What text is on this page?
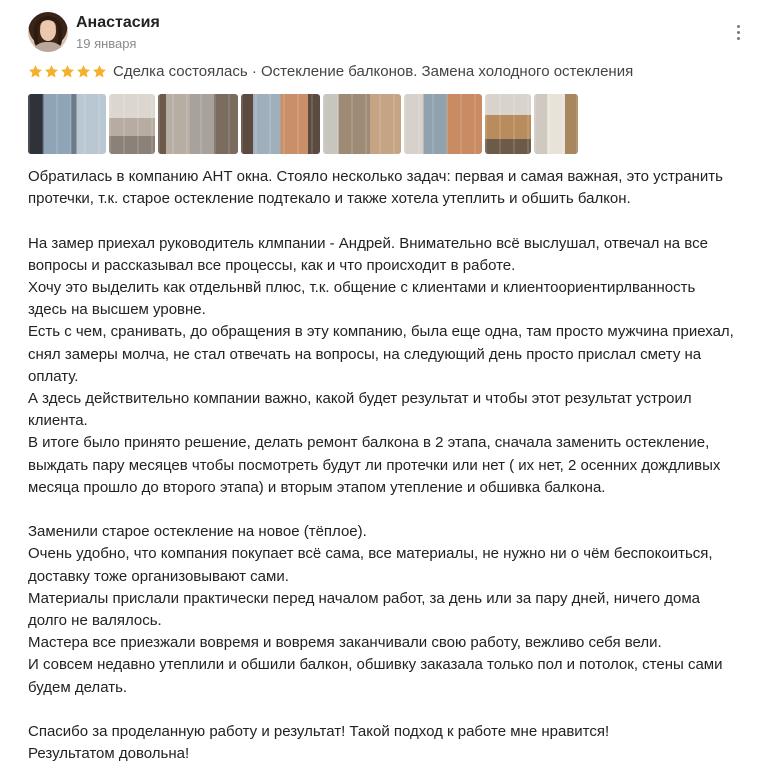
Анастасия
19 января
Сделка состоялась · Остекление балконов. Замена холодного остекления

Обратилась в компанию АНТ окна. Стояло несколько задач: первая и самая важная, это устранить

протечки, т.к. старое остекление подтекало и также хотела утеплить и обшить балкон.

На замер приехал руководитель клмпании - Андрей. Внимательно всё выслушал, отвечал на все

вопросы и рассказывал все процессы, как и что происходит в работе.

Хочу это выделить как отдельнвй плюс, т.к. общение с клиентами и клиентоориентирлванность

здесь на высшем уровне.

Есть с чем, сранивать, до обращения в эту компанию, была еще одна, там просто мужчина приехал,

снял замеры молча, не стал отвечать на вопросы, на следующий день просто прислал смету на

оплату.

А здесь действительно компании важно, какой будет результат и чтобы этот результат устроил

клиента.

В итоге было принято решение, делать ремонт балкона в 2 этапа, сначала заменить остекление,

выждать пару месяцев чтобы посмотреть будут ли протечки или нет ( их нет, 2 осенних дождливых

месяца прошло до второго этапа) и вторым этапом утепление и обшивка балкона.

Заменили старое остекление на новое (тёплое).

Очень удобно, что компания покупает всё сама, все материалы, не нужно ни о чём беспокоиться,

доставку тоже организовывают сами.

Материалы прислали практически перед началом работ, за день или за пару дней, ничего дома

долго не валялось.

Мастера все приезжали вовремя и вовремя заканчивали свою работу, вежливо себя вели.

И совсем недавно утеплили и обшили балкон, обшивку заказала только пол и потолок, стены сами

будем делать.

Спасибо за проделанную работу и результат! Такой подход к работе мне нравится!

Результатом довольна!
